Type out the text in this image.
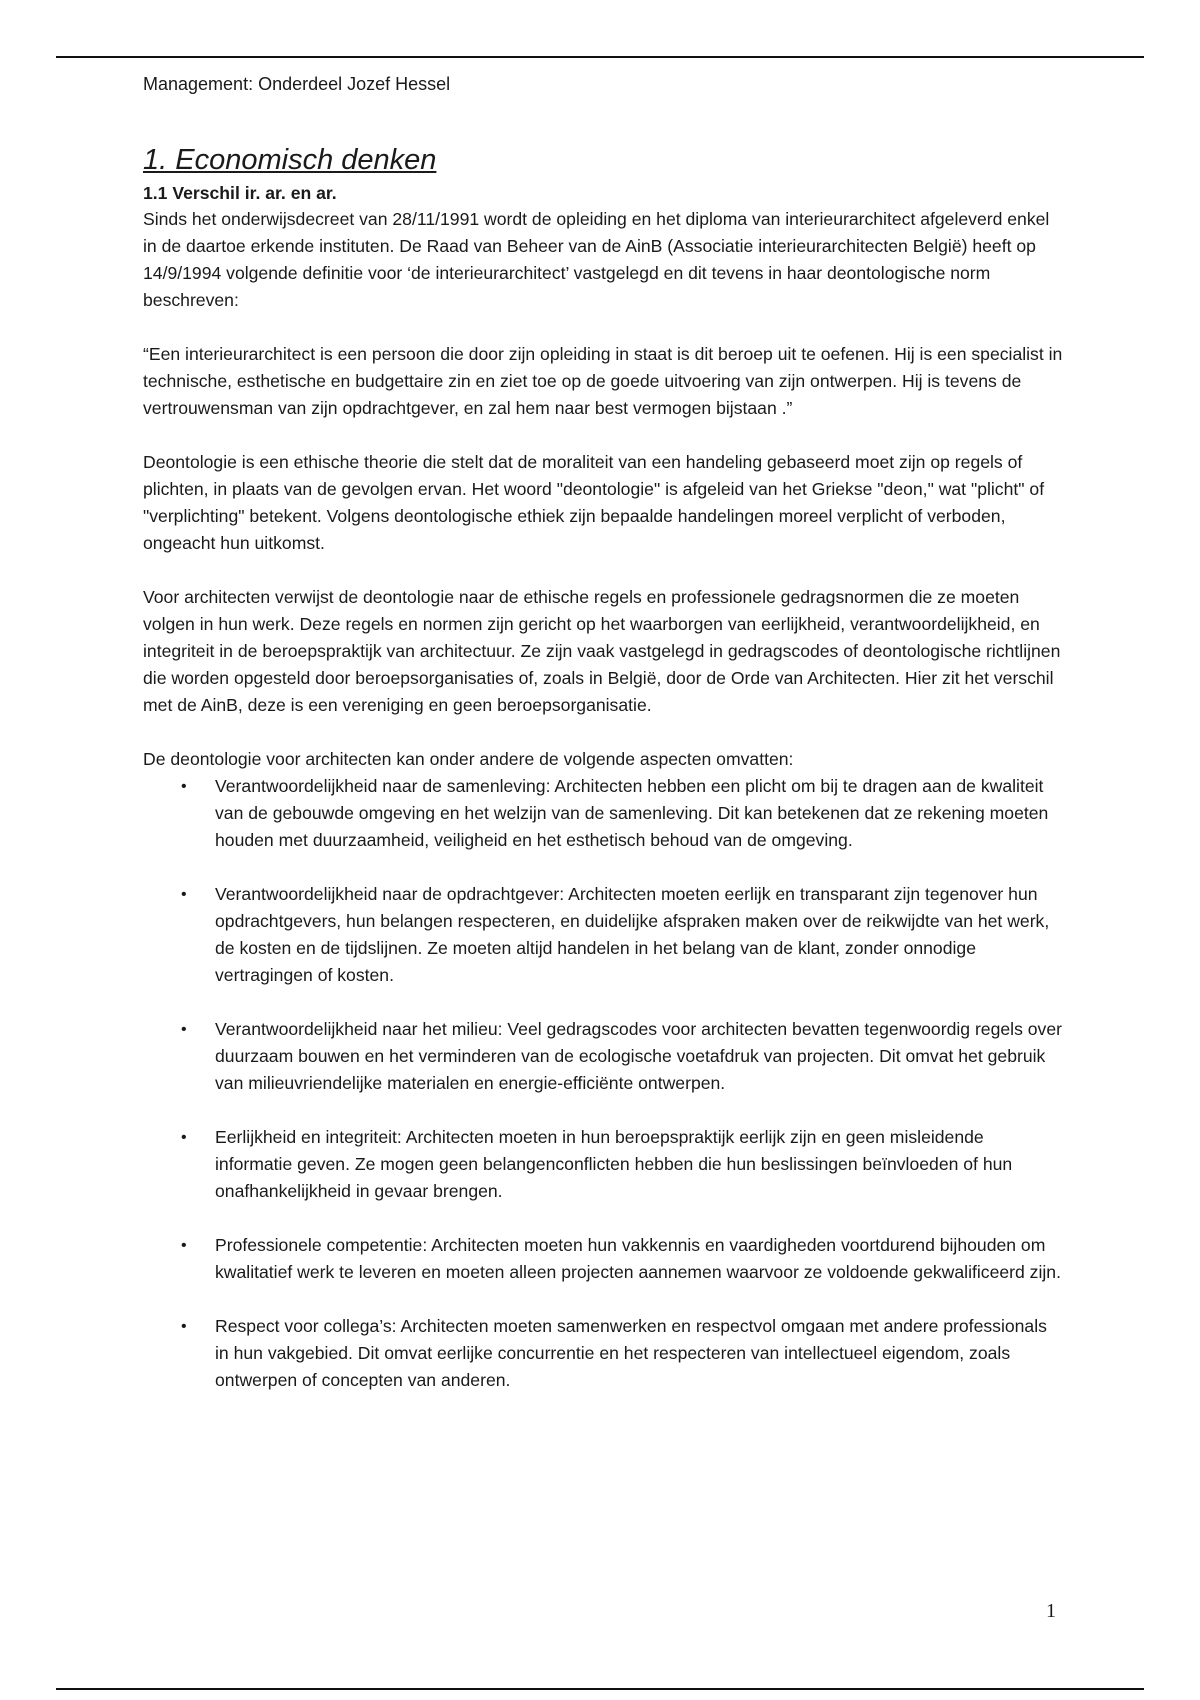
Management: Onderdeel Jozef Hessel
1. Economisch denken
1.1 Verschil ir. ar. en ar.

Sinds het onderwijsdecreet van 28/11/1991 wordt de opleiding en het diploma van interieurarchitect afgeleverd enkel in de daartoe erkende instituten. De Raad van Beheer van de AinB (Associatie interieurarchitecten België) heeft op 14/9/1994 volgende definitie voor ‘de interieurarchitect’ vastgelegd en dit tevens in haar deontologische norm beschreven:

“Een interieurarchitect is een persoon die door zijn opleiding in staat is dit beroep uit te oefenen. Hij is een specialist in technische, esthetische en budgettaire zin en ziet toe op de goede uitvoering van zijn ontwerpen. Hij is tevens de vertrouwensman van zijn opdrachtgever, en zal hem naar best vermogen bijstaan .”

Deontologie is een ethische theorie die stelt dat de moraliteit van een handeling gebaseerd moet zijn op regels of plichten, in plaats van de gevolgen ervan. Het woord "deontologie" is afgeleid van het Griekse "deon," wat "plicht" of "verplichting" betekent. Volgens deontologische ethiek zijn bepaalde handelingen moreel verplicht of verboden, ongeacht hun uitkomst.

Voor architecten verwijst de deontologie naar de ethische regels en professionele gedragsnormen die ze moeten volgen in hun werk. Deze regels en normen zijn gericht op het waarborgen van eerlijkheid, verantwoordelijkheid, en integriteit in de beroepspraktijk van architectuur. Ze zijn vaak vastgelegd in gedragscodes of deontologische richtlijnen die worden opgesteld door beroepsorganisaties of, zoals in België, door de Orde van Architecten. Hier zit het verschil met de AinB, deze is een vereniging en geen beroepsorganisatie.

De deontologie voor architecten kan onder andere de volgende aspecten omvatten:

• Verantwoordelijkheid naar de samenleving: Architecten hebben een plicht om bij te dragen aan de kwaliteit van de gebouwde omgeving en het welzijn van de samenleving. Dit kan betekenen dat ze rekening moeten houden met duurzaamheid, veiligheid en het esthetisch behoud van de omgeving.
• Verantwoordelijkheid naar de opdrachtgever: Architecten moeten eerlijk en transparant zijn tegenover hun opdrachtgevers, hun belangen respecteren, en duidelijke afspraken maken over de reikwijdte van het werk, de kosten en de tijdslijnen. Ze moeten altijd handelen in het belang van de klant, zonder onnodige vertragingen of kosten.
• Verantwoordelijkheid naar het milieu: Veel gedragscodes voor architecten bevatten tegenwoordig regels over duurzaam bouwen en het verminderen van de ecologische voetafdruk van projecten. Dit omvat het gebruik van milieuvriendelijke materialen en energie-efficiënte ontwerpen.
• Eerlijkheid en integriteit: Architecten moeten in hun beroepspraktijk eerlijk zijn en geen misleidende informatie geven. Ze mogen geen belangenconflicten hebben die hun beslissingen beïnvloeden of hun onafhankelijkheid in gevaar brengen.
• Professionele competentie: Architecten moeten hun vakkennis en vaardigheden voortdurend bijhouden om kwalitatief werk te leveren en moeten alleen projecten aannemen waarvoor ze voldoende gekwalificeerd zijn.
• Respect voor collega’s: Architecten moeten samenwerken en respectvol omgaan met andere professionals in hun vakgebied. Dit omvat eerlijke concurrentie en het respecteren van intellectueel eigendom, zoals ontwerpen of concepten van anderen.
1
